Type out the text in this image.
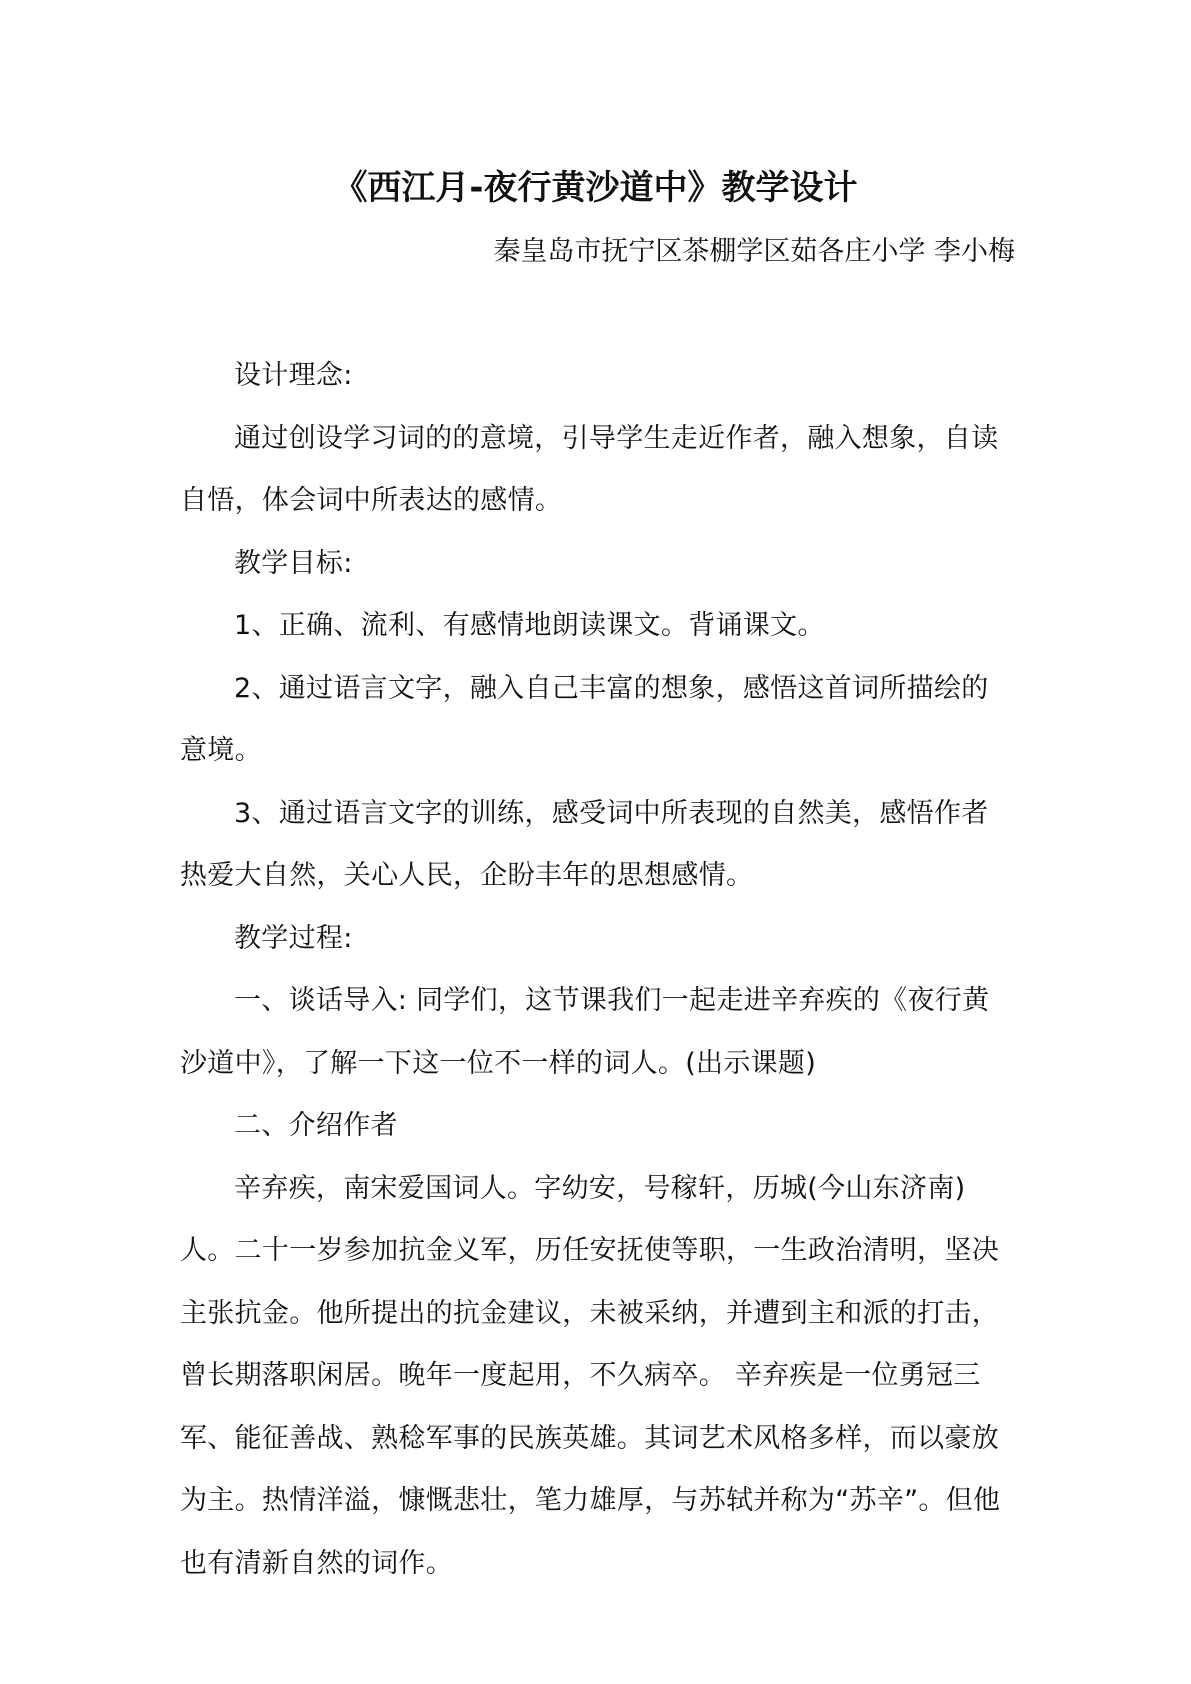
《西江月-夜行黄沙道中》教学设计
秦皇岛市抚宁区茶棚学区茹各庄小学 李小梅

设计理念:

通过创设学习词的的意境，引导学生走近作者，融入想象，自读自悟，体会词中所表达的感情。

教学目标:

1、正确、流利、有感情地朗读课文。背诵课文。

2、通过语言文字，融入自己丰富的想象，感悟这首词所描绘的意境。

3、通过语言文字的训练，感受词中所表现的自然美，感悟作者热爱大自然，关心人民，企盼丰年的思想感情。

教学过程:

一、谈话导入: 同学们，这节课我们一起走进辛弃疾的《夜行黄沙道中》，了解一下这一位不一样的词人。(出示课题)

二、介绍作者

辛弃疾，南宋爱国词人。字幼安，号稼轩，历城(今山东济南)人。二十一岁参加抗金义军，历任安抚使等职，一生政治清明，坚决主张抗金。他所提出的抗金建议，未被采纳，并遭到主和派的打击，曾长期落职闲居。晚年一度起用，不久病卒。 辛弃疾是一位勇冠三军、能征善战、熟稔军事的民族英雄。其词艺术风格多样，而以豪放为主。热情洋溢，慷慨悲壮，笔力雄厚，与苏轼并称为“苏辛”。但他也有清新自然的词作。
